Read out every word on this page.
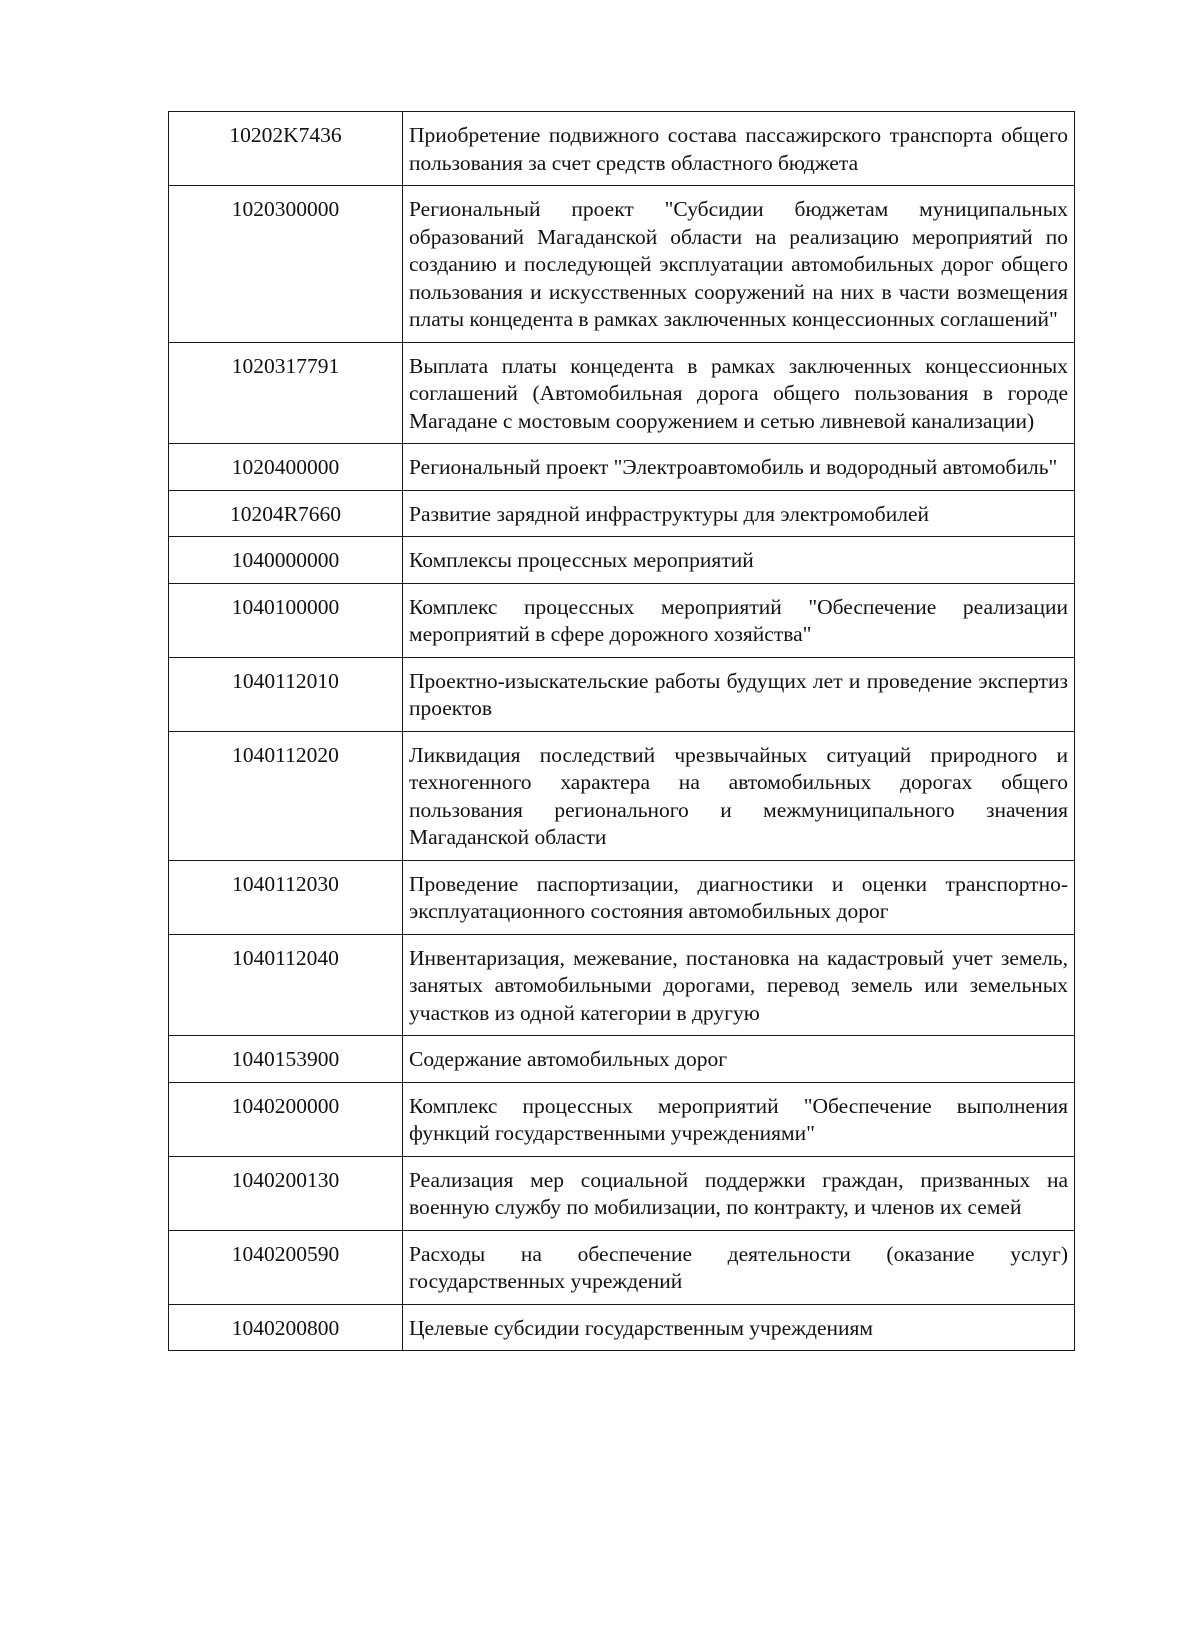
10202K7436	Приобретение подвижного состава пассажирского транспорта общего пользования за счет средств областного бюджета
1020300000	Региональный проект "Субсидии бюджетам муниципальных образований Магаданской области на реализацию мероприятий по созданию и последующей эксплуатации автомобильных дорог общего пользования и искусственных сооружений на них в части возмещения платы концедента в рамках заключенных концессионных соглашений"
1020317791	Выплата платы концедента в рамках заключенных концессионных соглашений (Автомобильная дорога общего пользования в городе Магадане с мостовым сооружением и сетью ливневой канализации)
1020400000	Региональный проект "Электроавтомобиль и водородный автомобиль"
10204R7660	Развитие зарядной инфраструктуры для электромобилей
1040000000	Комплексы процессных мероприятий
1040100000	Комплекс процессных мероприятий "Обеспечение реализации мероприятий в сфере дорожного хозяйства"
1040112010	Проектно-изыскательские работы будущих лет и проведение экспертиз проектов
1040112020	Ликвидация последствий чрезвычайных ситуаций природного и техногенного характера на автомобильных дорогах общего пользования регионального и межмуниципального значения Магаданской области
1040112030	Проведение паспортизации, диагностики и оценки транспортно-эксплуатационного состояния автомобильных дорог
1040112040	Инвентаризация, межевание, постановка на кадастровый учет земель, занятых автомобильными дорогами, перевод земель или земельных участков из одной категории в другую
1040153900	Содержание автомобильных дорог
1040200000	Комплекс процессных мероприятий "Обеспечение выполнения функций государственными учреждениями"
1040200130	Реализация мер социальной поддержки граждан, призванных на военную службу по мобилизации, по контракту, и членов их семей
1040200590	Расходы на обеспечение деятельности (оказание услуг) государственных учреждений
1040200800	Целевые субсидии государственным учреждениям
